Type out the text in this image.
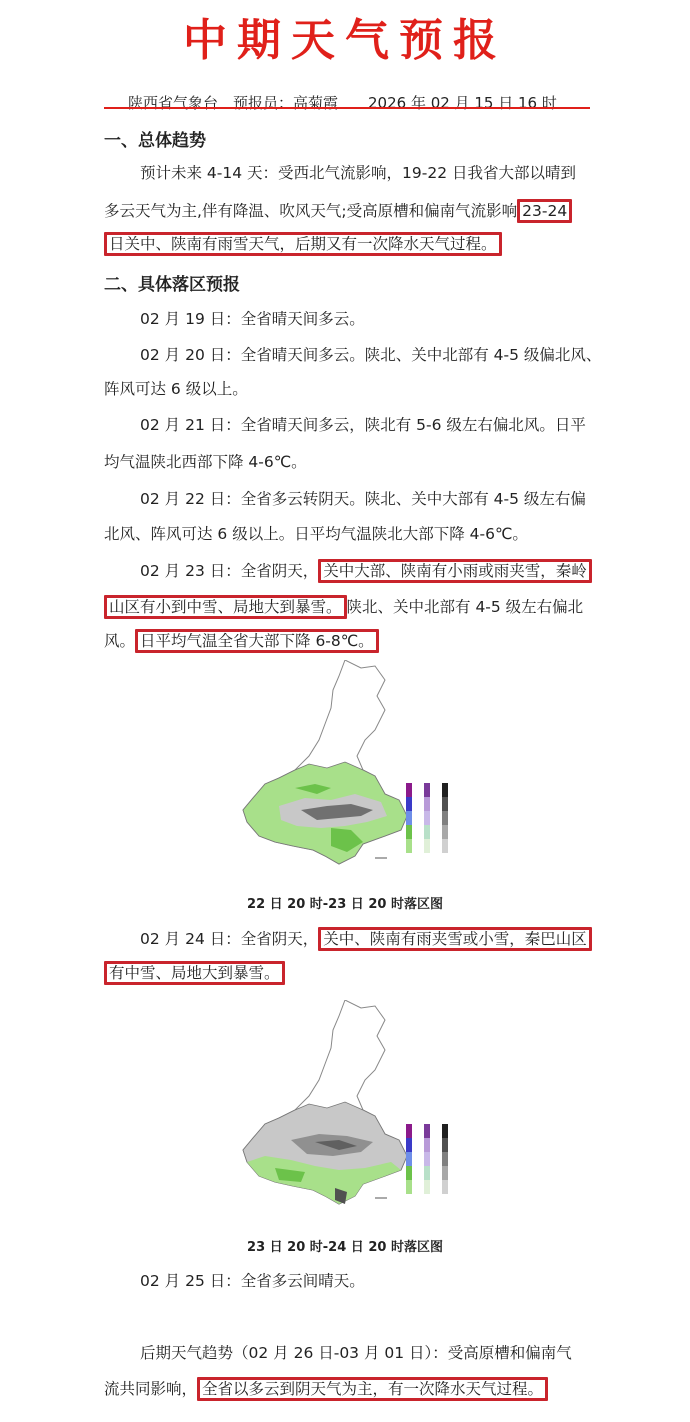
中期天气预报
陕西省气象台　预报员：高菊霞　　2026 年 02 月 15 日 16 时
一、总体趋势
预计未来 4-14 天：受西北气流影响，19-22 日我省大部以晴到
多云天气为主,伴有降温、吹风天气;受高原槽和偏南气流影响 23-24
日关中、陕南有雨雪天气，后期又有一次降水天气过程。
二、具体落区预报
02 月 19 日：全省晴天间多云。
02 月 20 日：全省晴天间多云。陕北、关中北部有 4-5 级偏北风、
阵风可达 6 级以上。
02 月 21 日：全省晴天间多云，陕北有 5-6 级左右偏北风。日平
均气温陕北西部下降 4-6℃。
02 月 22 日：全省多云转阴天。陕北、关中大部有 4-5 级左右偏
北风、阵风可达 6 级以上。日平均气温陕北大部下降 4-6℃。
02 月 23 日：全省阴天， 关中大部、陕南有小雨或雨夹雪，秦岭
山区有小到中雪、局地大到暴雪。 陕北、关中北部有 4-5 级左右偏北
风。 日平均气温全省大部下降 6-8℃。
22 日 20 时-23 日 20 时落区图
02 月 24 日：全省阴天， 关中、陕南有雨夹雪或小雪，秦巴山区
有中雪、局地大到暴雪。
23 日 20 时-24 日 20 时落区图
02 月 25 日：全省多云间晴天。
后期天气趋势（02 月 26 日-03 月 01 日）：受高原槽和偏南气
流共同影响， 全省以多云到阴天气为主，有一次降水天气过程。
